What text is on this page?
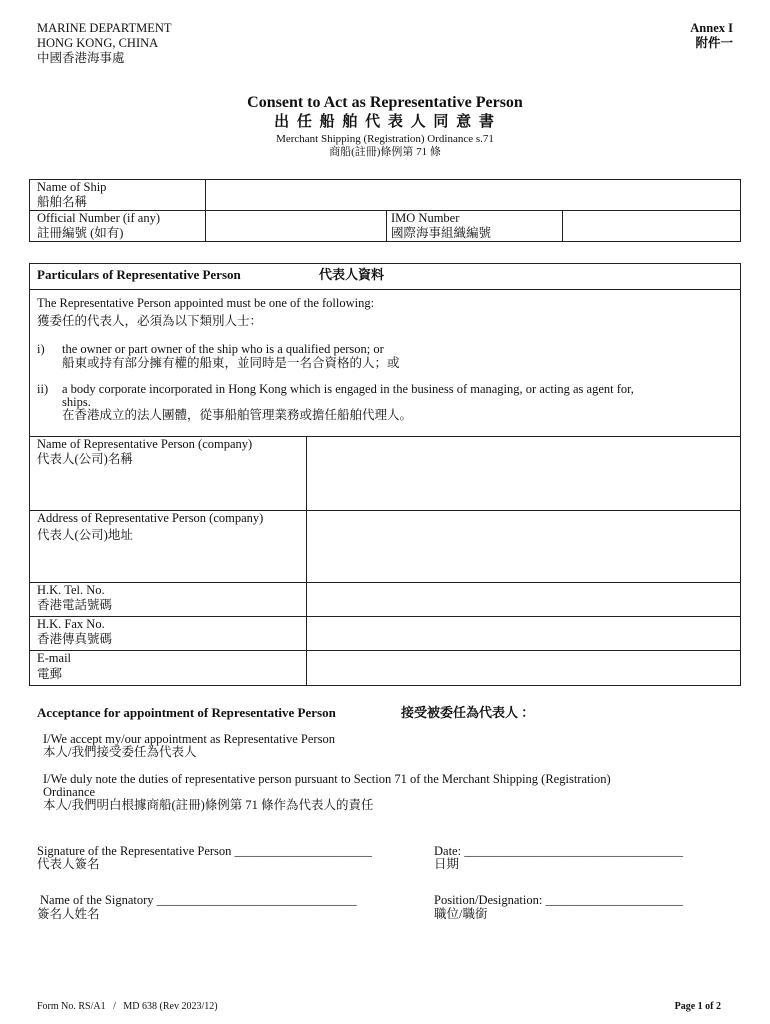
MARINE DEPARTMENT
HONG KONG, CHINA
中國香港海事處
Annex I
附件一
Consent to Act as Representative Person
出 任 船 舶 代 表 人 同 意 書
Merchant Shipping (Registration) Ordinance s.71
商船(註冊)條例第 71 條
Name of Ship
船舶名稱
Official Number (if any)
註冊編號 (如有)
IMO Number
國際海事組織編號
Particulars of Representative Person	代表人資料
The Representative Person appointed must be one of the following:
獲委任的代表人，必須為以下類別人士：
i) the owner or part owner of the ship who is a qualified person; or
船東或持有部分擁有權的船東，並同時是一名合資格的人；或
ii) a body corporate incorporated in Hong Kong which is engaged in the business of managing, or acting as agent for,
ships.
在香港成立的法人團體，從事船舶管理業務或擔任船舶代理人。
Name of Representative Person (company)
代表人(公司)名稱
Address of Representative Person (company)
代表人(公司)地址
H.K. Tel. No.
香港電話號碼
H.K. Fax No.
香港傳真號碼
E-mail
電郵
Acceptance for appointment of Representative Person	接受被委任為代表人 ：
I/We accept my/our appointment as Representative Person
本人/我們接受委任為代表人
I/We duly note the duties of representative person pursuant to Section 71 of the Merchant Shipping (Registration)
Ordinance
本人/我們明白根據商船(註冊)條例第 71 條作為代表人的責任
Signature of the Representative Person ______________________
代表人簽名
Date: ___________________________________
日期
Name of the Signatory ________________________________
簽名人姓名
Position/Designation: ______________________
職位/職銜
Form No. RS/A1   /   MD 638 (Rev 2023/12)	Page 1 of 2
